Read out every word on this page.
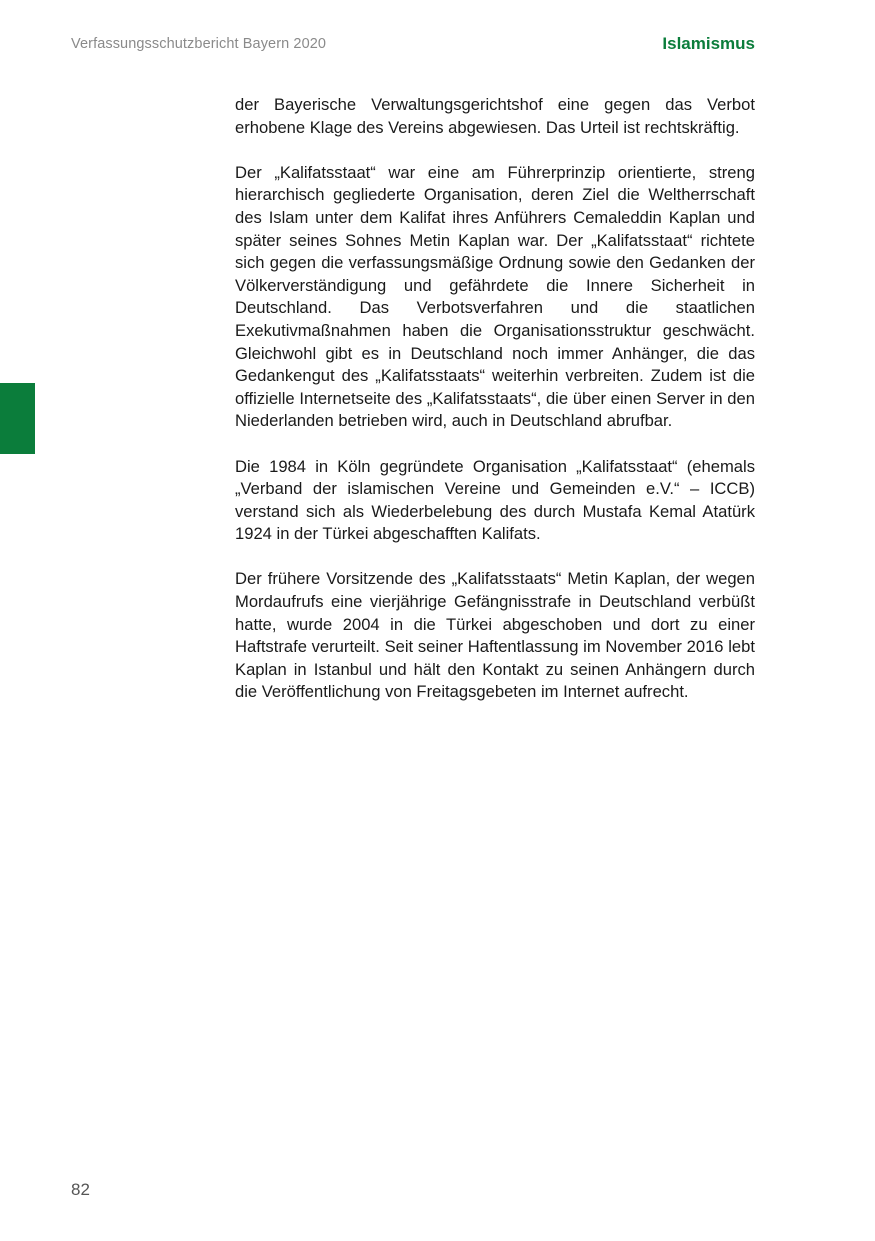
Verfassungsschutzbericht Bayern 2020	Islamismus

der Bayerische Verwaltungsgerichtshof eine gegen das Verbot erhobene Klage des Vereins abgewiesen. Das Urteil ist rechtskräftig.

Der „Kalifatsstaat“ war eine am Führerprinzip orientierte, streng hierarchisch gegliederte Organisation, deren Ziel die Weltherrschaft des Islam unter dem Kalifat ihres Anführers Cemaleddin Kaplan und später seines Sohnes Metin Kaplan war. Der „Kalifatsstaat“ richtete sich gegen die verfassungsmäßige Ordnung sowie den Gedanken der Völkerverständigung und gefährdete die Innere Sicherheit in Deutschland. Das Verbotsverfahren und die staatlichen Exekutivmaßnahmen haben die Organisationsstruktur geschwächt. Gleichwohl gibt es in Deutschland noch immer Anhänger, die das Gedankengut des „Kalifatsstaats“ weiterhin verbreiten. Zudem ist die offizielle Internetseite des „Kalifatsstaats“, die über einen Server in den Niederlanden betrieben wird, auch in Deutschland abrufbar.

Die 1984 in Köln gegründete Organisation „Kalifatsstaat“ (ehemals „Verband der islamischen Vereine und Gemeinden e.V.“ – ICCB) verstand sich als Wiederbelebung des durch Mustafa Kemal Atatürk 1924 in der Türkei abgeschafften Kalifats.

Der frühere Vorsitzende des „Kalifatsstaats“ Metin Kaplan, der wegen Mordaufrufs eine vierjährige Gefängnisstrafe in Deutschland verbüßt hatte, wurde 2004 in die Türkei abgeschoben und dort zu einer Haftstrafe verurteilt. Seit seiner Haftentlassung im November 2016 lebt Kaplan in Istanbul und hält den Kontakt zu seinen Anhängern durch die Veröffentlichung von Freitagsgebeten im Internet aufrecht.

82
